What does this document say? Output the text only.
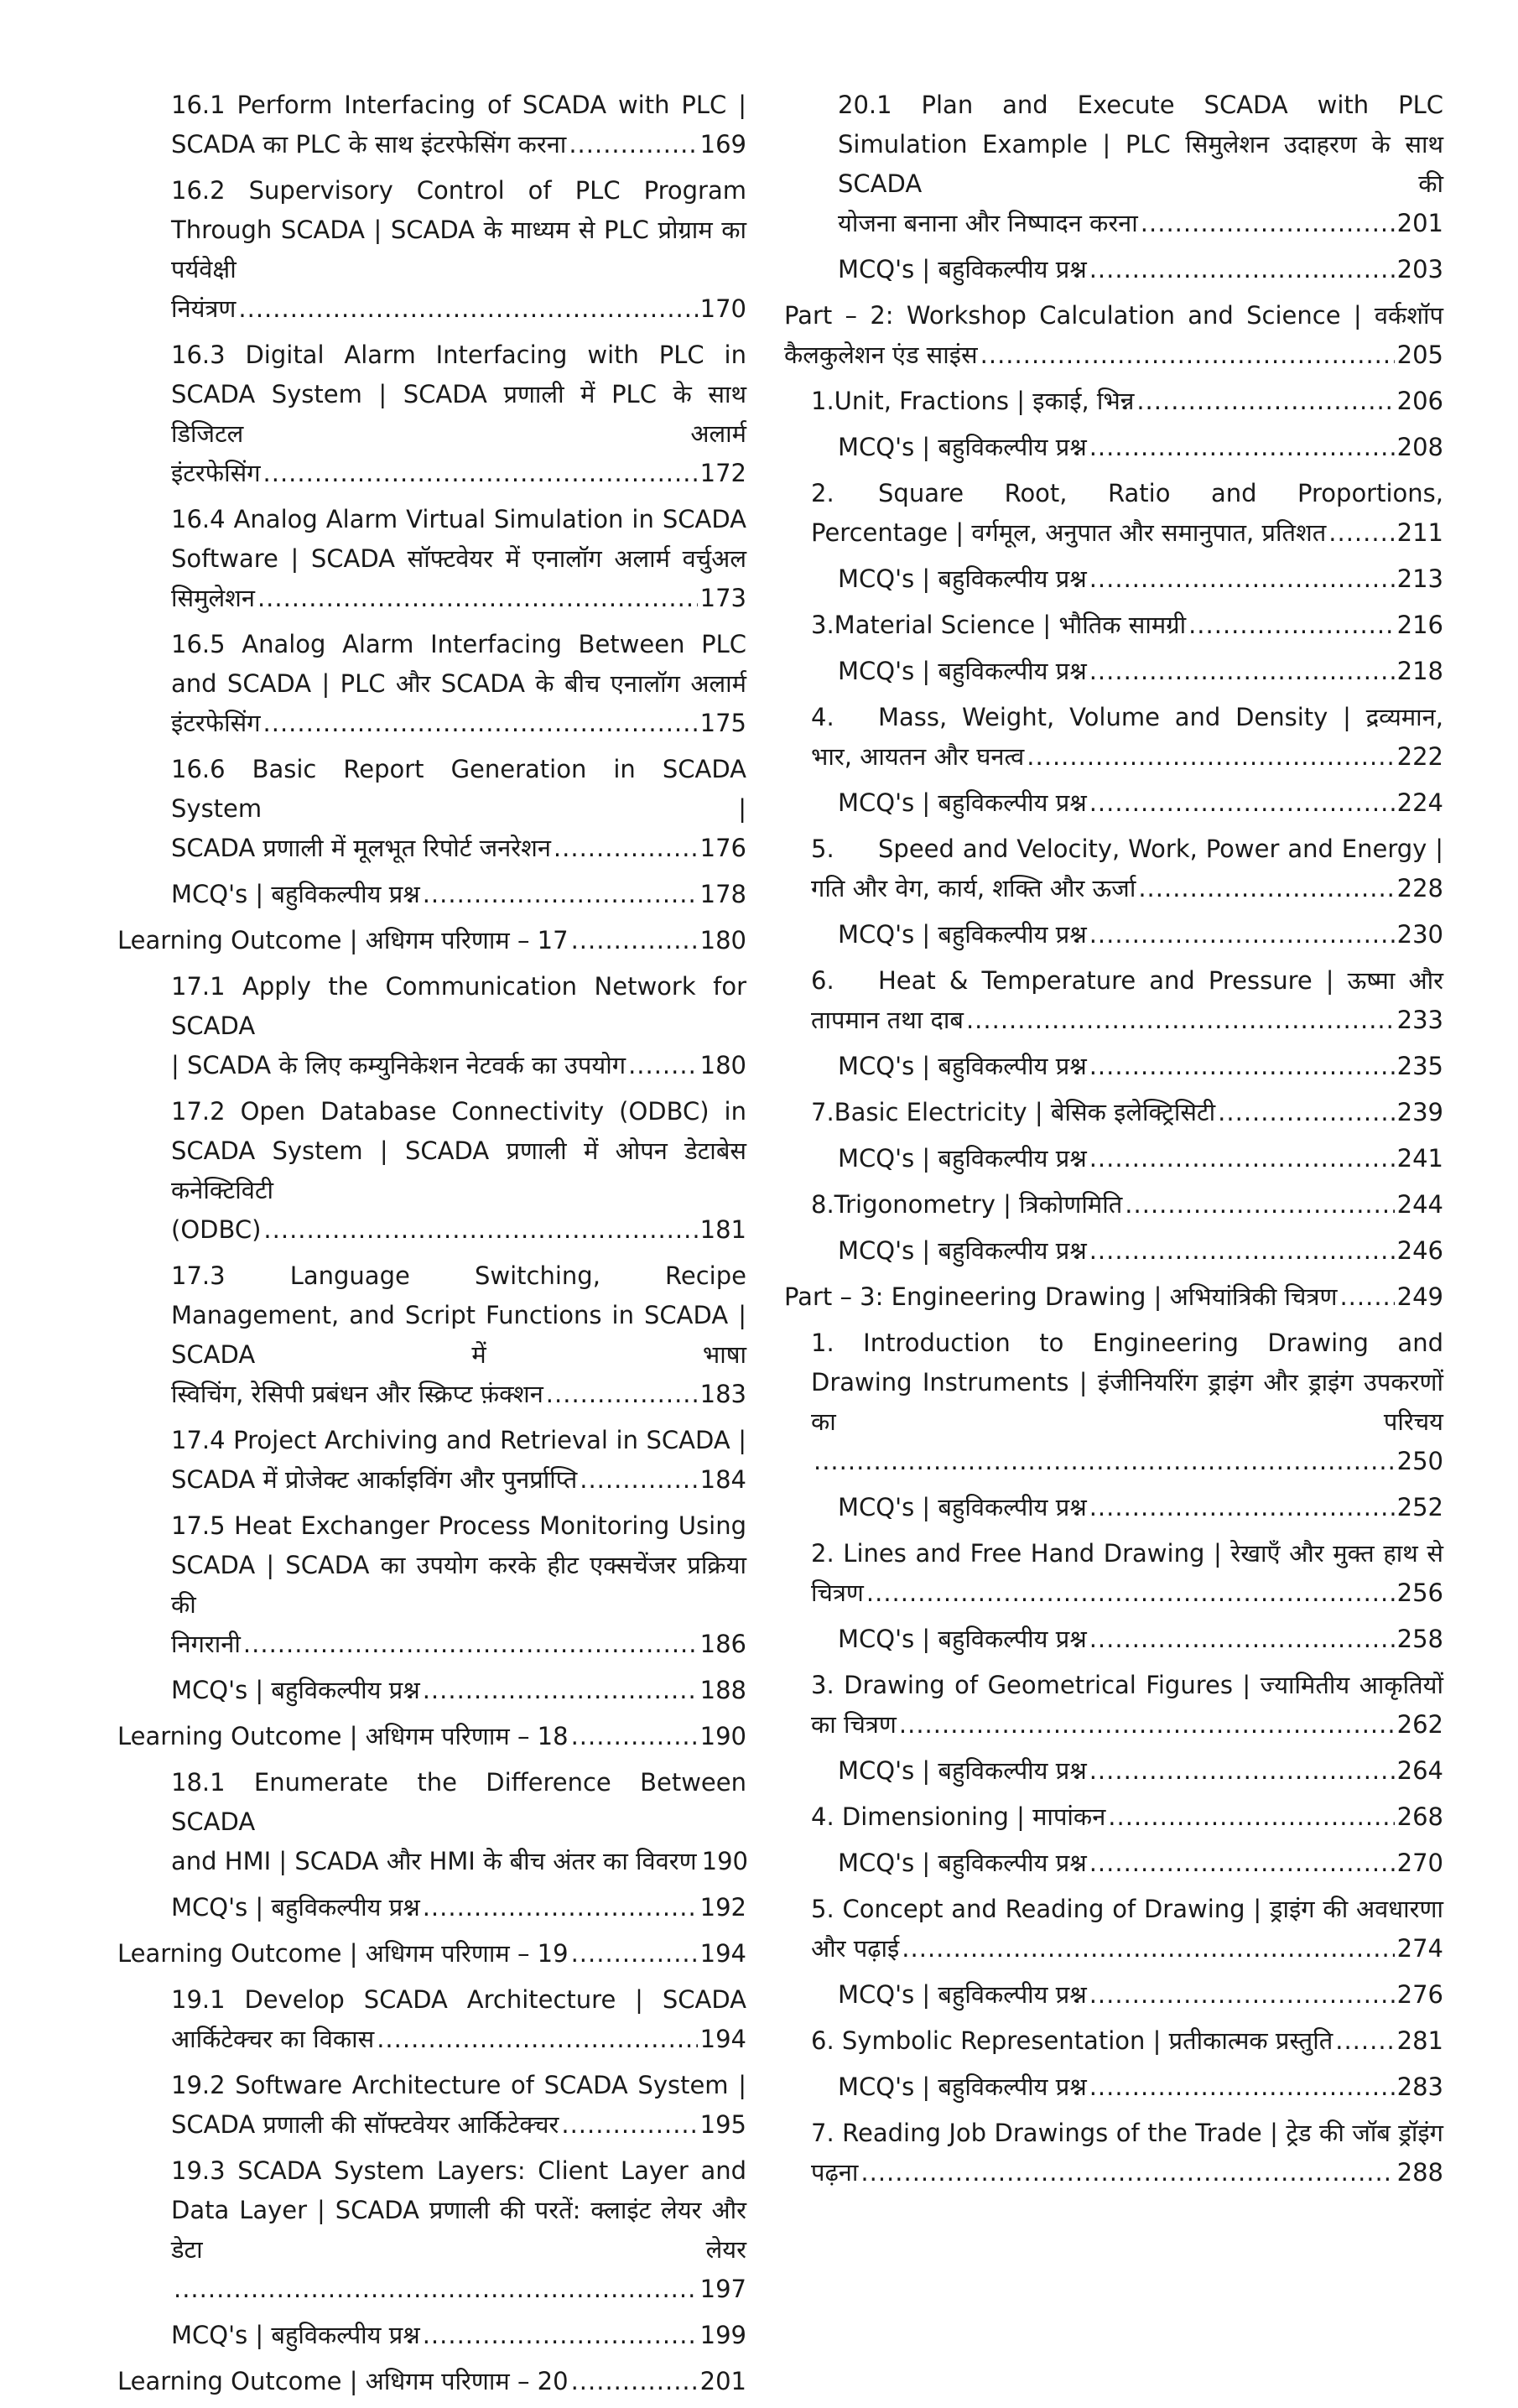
16.1 Perform Interfacing of SCADA with PLC |
SCADA का PLC के साथ इंटरफेसिंग करना .....	169
16.2 Supervisory Control of PLC Program Through SCADA | SCADA के माध्यम से PLC प्रोग्राम का पर्यवेक्षी
नियंत्रण .....	170
16.3 Digital Alarm Interfacing with PLC in SCADA System | SCADA प्रणाली में PLC के साथ डिजिटल अलार्म
इंटरफेसिंग .....	172
16.4 Analog Alarm Virtual Simulation in SCADA Software | SCADA सॉफ्टवेयर में एनालॉग अलार्म वर्चुअल
सिमुलेशन .....	173
16.5 Analog Alarm Interfacing Between PLC and SCADA | PLC और SCADA के बीच एनालॉग अलार्म
इंटरफेसिंग .....	175
16.6 Basic Report Generation in SCADA System |
SCADA प्रणाली में मूलभूत रिपोर्ट जनरेशन .....	176
MCQ's | बहुविकल्पीय प्रश्न .....	178
Learning Outcome | अधिगम परिणाम – 17 .....	180
17.1 Apply the Communication Network for SCADA
| SCADA के लिए कम्युनिकेशन नेटवर्क का उपयोग .....	180
17.2 Open Database Connectivity (ODBC) in SCADA System | SCADA प्रणाली में ओपन डेटाबेस कनेक्टिविटी
(ODBC) .....	181
17.3 Language Switching, Recipe Management, and Script Functions in SCADA | SCADA में भाषा
स्विचिंग, रेसिपी प्रबंधन और स्क्रिप्ट फ़ंक्शन .....	183
17.4 Project Archiving and Retrieval in SCADA |
SCADA में प्रोजेक्ट आर्काइविंग और पुनर्प्राप्ति .....	184
17.5 Heat Exchanger Process Monitoring Using SCADA | SCADA का उपयोग करके हीट एक्सचेंजर प्रक्रिया की
निगरानी .....	186
MCQ's | बहुविकल्पीय प्रश्न .....	188
Learning Outcome | अधिगम परिणाम – 18 .....	190
18.1 Enumerate the Difference Between SCADA
and HMI | SCADA और HMI के बीच अंतर का विवरण 190
MCQ's | बहुविकल्पीय प्रश्न .....	192
Learning Outcome | अधिगम परिणाम – 19 .....	194
19.1 Develop SCADA Architecture | SCADA
आर्किटेक्चर का विकास .....	194
19.2 Software Architecture of SCADA System |
SCADA प्रणाली की सॉफ्टवेयर आर्किटेक्चर .....	195
19.3 SCADA System Layers: Client Layer and Data Layer | SCADA प्रणाली की परतें: क्लाइंट लेयर और डेटा लेयर
.....
197
MCQ's | बहुविकल्पीय प्रश्न .....	199
Learning Outcome | अधिगम परिणाम – 20 .....	201
20.1 Plan and Execute SCADA with PLC Simulation Example | PLC सिमुलेशन उदाहरण के साथ SCADA की
योजना बनाना और निष्पादन करना .....	201
MCQ's | बहुविकल्पीय प्रश्न .....	203
Part – 2: Workshop Calculation and Science | वर्कशॉप
कैलकुलेशन एंड साइंस .....	205
1. Unit, Fractions | इकाई, भिन्न .....	206
MCQ's | बहुविकल्पीय प्रश्न .....	208
2. Square Root, Ratio and Proportions,
Percentage | वर्गमूल, अनुपात और समानुपात, प्रतिशत .....	211
MCQ's | बहुविकल्पीय प्रश्न .....	213
3. Material Science | भौतिक सामग्री .....	216
MCQ's | बहुविकल्पीय प्रश्न .....	218
4. Mass, Weight, Volume and Density | द्रव्यमान,
भार, आयतन और घनत्व .....	222
MCQ's | बहुविकल्पीय प्रश्न .....	224
5. Speed and Velocity, Work, Power and Energy |
गति और वेग, कार्य, शक्ति और ऊर्जा .....	228
MCQ's | बहुविकल्पीय प्रश्न .....	230
6. Heat & Temperature and Pressure | ऊष्मा और
तापमान तथा दाब .....	233
MCQ's | बहुविकल्पीय प्रश्न .....	235
7. Basic Electricity | बेसिक इलेक्ट्रिसिटी .....	239
MCQ's | बहुविकल्पीय प्रश्न .....	241
8. Trigonometry | त्रिकोणमिति .....	244
MCQ's | बहुविकल्पीय प्रश्न .....	246
Part – 3: Engineering Drawing | अभियांत्रिकी चित्रण ..... 249
1. Introduction to Engineering Drawing and Drawing Instruments | इंजीनियरिंग ड्राइंग और ड्राइंग उपकरणों का परिचय
.....
250
MCQ's | बहुविकल्पीय प्रश्न .....	252
2. Lines and Free Hand Drawing | रेखाएँ और मुक्त हाथ से
चित्रण .....	256
MCQ's | बहुविकल्पीय प्रश्न .....	258
3. Drawing of Geometrical Figures | ज्यामितीय आकृतियों
का चित्रण .....	262
MCQ's | बहुविकल्पीय प्रश्न .....	264
4. Dimensioning | मापांकन .....	268
MCQ's | बहुविकल्पीय प्रश्न .....	270
5. Concept and Reading of Drawing | ड्राइंग की अवधारणा
और पढ़ाई .....	274
MCQ's | बहुविकल्पीय प्रश्न .....	276
6. Symbolic Representation | प्रतीकात्मक प्रस्तुति .....	281
MCQ's | बहुविकल्पीय प्रश्न .....	283
7. Reading Job Drawings of the Trade | ट्रेड की जॉब ड्रॉइंग
पढ़ना .....	288
